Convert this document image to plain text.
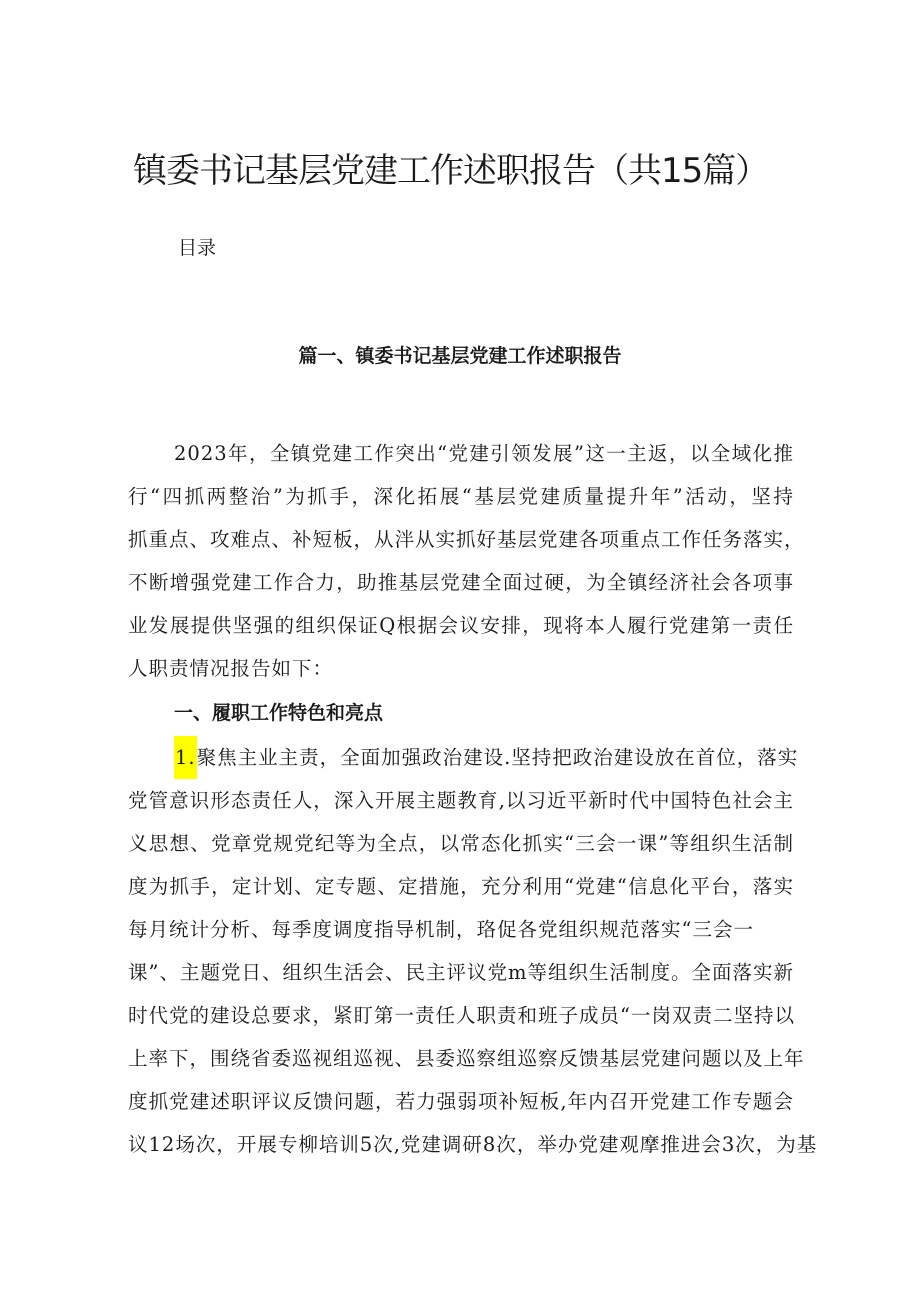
镇委书记基层党建工作述职报告（共15篇）
目录
篇一、镇委书记基层党建工作述职报告
2023年，全镇党建工作突出“党建引领发展”这一主返，以全域化推
行“四抓两整治”为抓手，深化拓展“基层党建质量提升年”活动，坚持
抓重点、攻难点、补短板，从泮从实抓好基层党建各项重点工作任务落实，
不断增强党建工作合力，助推基层党建全面过硬，为全镇经济社会各项事
业发展提供坚强的组织保证Q根据会议安排，现将本人履行党建第一责任
人职责情况报告如下：
一、履职工作特色和亮点
1.聚焦主业主责，全面加强政治建设.坚持把政治建设放在首位，落实
党管意识形态责任人，深入开展主题教育,以习近平新时代中国特色社会主
义思想、党章党规党纪等为全点，以常态化抓实“三会一课”等组织生活制
度为抓手，定计划、定专题、定措施，充分利用“党建“信息化平台，落实
每月统计分析、每季度调度指导机制，珞促各党组织规范落实“三会一
课”、主题党日、组织生活会、民主评议党m等组织生活制度。全面落实新
时代党的建设总要求，紧盯第一责任人职责和班子成员“一岗双责二坚持以
上率下，围绕省委巡视组巡视、县委巡察组巡察反馈基层党建问题以及上年
度抓党建述职评议反馈问题，若力强弱项补短板,年内召开党建工作专题会
议12场次，开展专柳培训5次,党建调研8次，举办党建观摩推进会3次，为基
